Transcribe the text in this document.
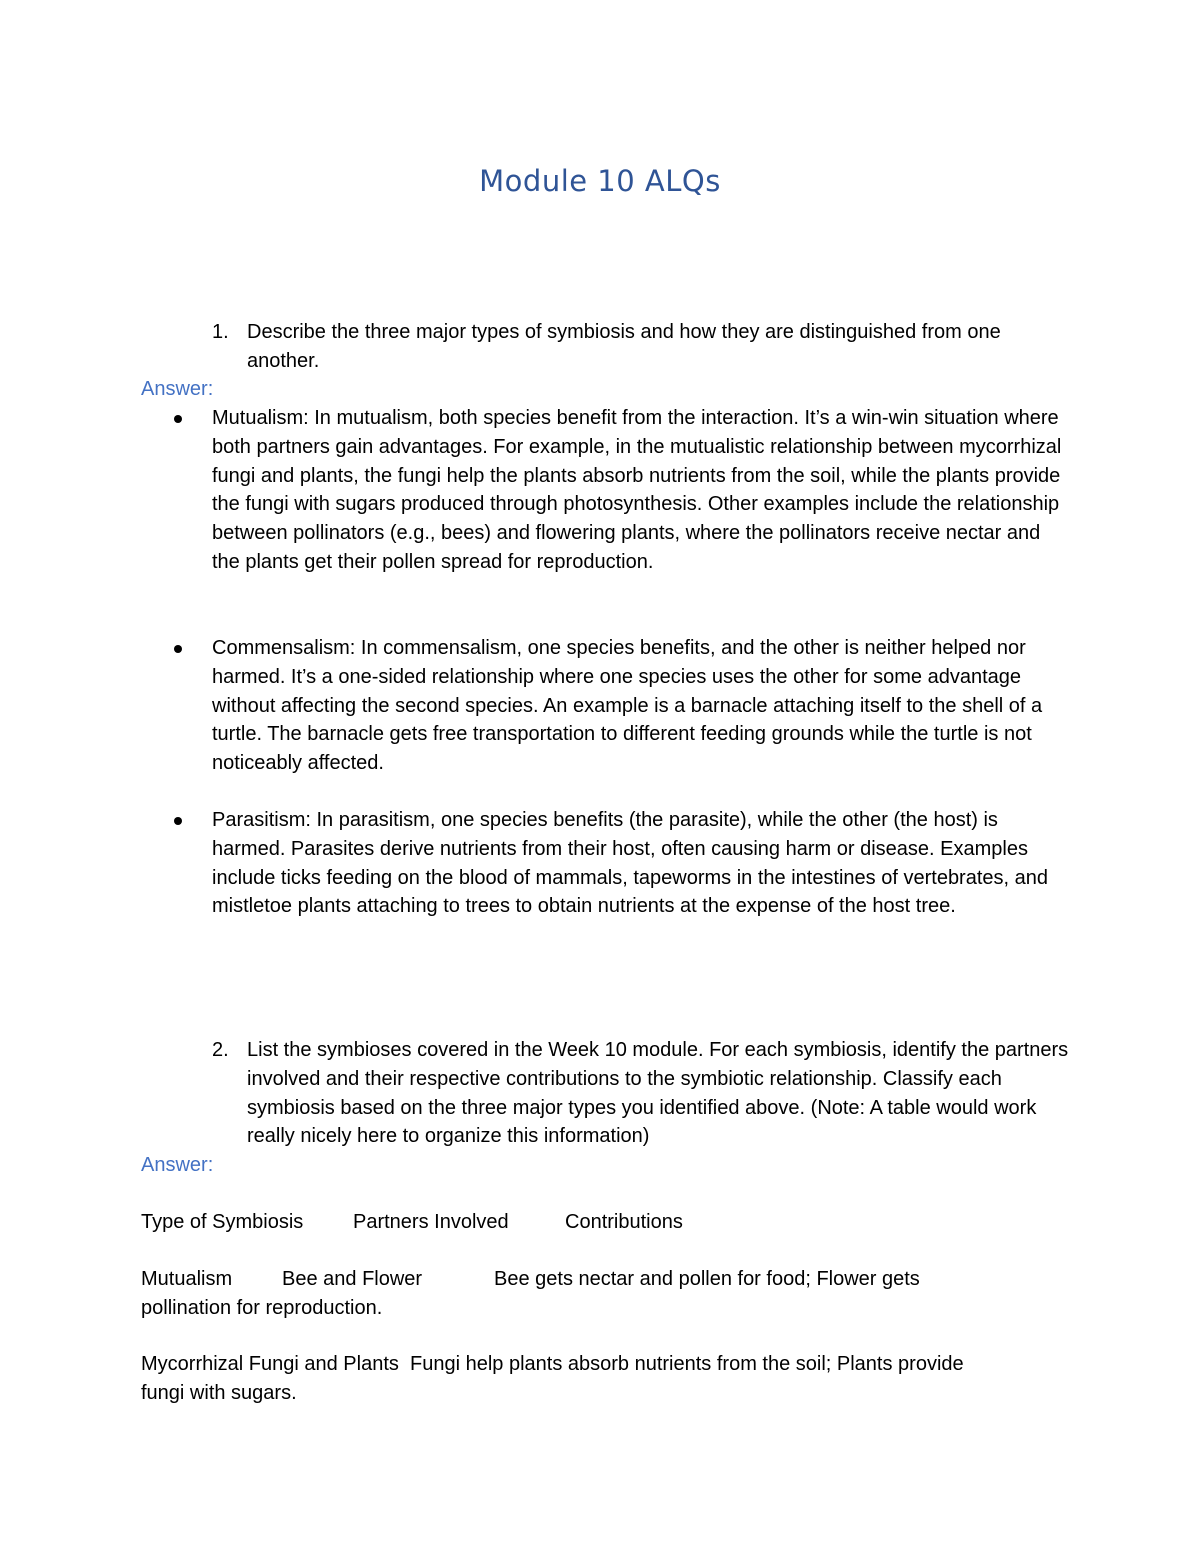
Module 10 ALQs
1. Describe the three major types of symbiosis and how they are distinguished from one another.
Answer:
Mutualism: In mutualism, both species benefit from the interaction. It’s a win-win situation where both partners gain advantages. For example, in the mutualistic relationship between mycorrhizal fungi and plants, the fungi help the plants absorb nutrients from the soil, while the plants provide the fungi with sugars produced through photosynthesis. Other examples include the relationship between pollinators (e.g., bees) and flowering plants, where the pollinators receive nectar and the plants get their pollen spread for reproduction.
Commensalism: In commensalism, one species benefits, and the other is neither helped nor harmed. It’s a one-sided relationship where one species uses the other for some advantage without affecting the second species. An example is a barnacle attaching itself to the shell of a turtle. The barnacle gets free transportation to different feeding grounds while the turtle is not noticeably affected.
Parasitism: In parasitism, one species benefits (the parasite), while the other (the host) is harmed. Parasites derive nutrients from their host, often causing harm or disease. Examples include ticks feeding on the blood of mammals, tapeworms in the intestines of vertebrates, and mistletoe plants attaching to trees to obtain nutrients at the expense of the host tree.
2. List the symbioses covered in the Week 10 module. For each symbiosis, identify the partners involved and their respective contributions to the symbiotic relationship. Classify each symbiosis based on the three major types you identified above. (Note: A table would work really nicely here to organize this information)
Answer:
Type of Symbiosis Partners Involved	Contributions
Mutualism Bee and Flower	Bee gets nectar and pollen for food; Flower gets
pollination for reproduction.
Mycorrhizal Fungi and Plants  Fungi help plants absorb nutrients from the soil; Plants provide
fungi with sugars.
